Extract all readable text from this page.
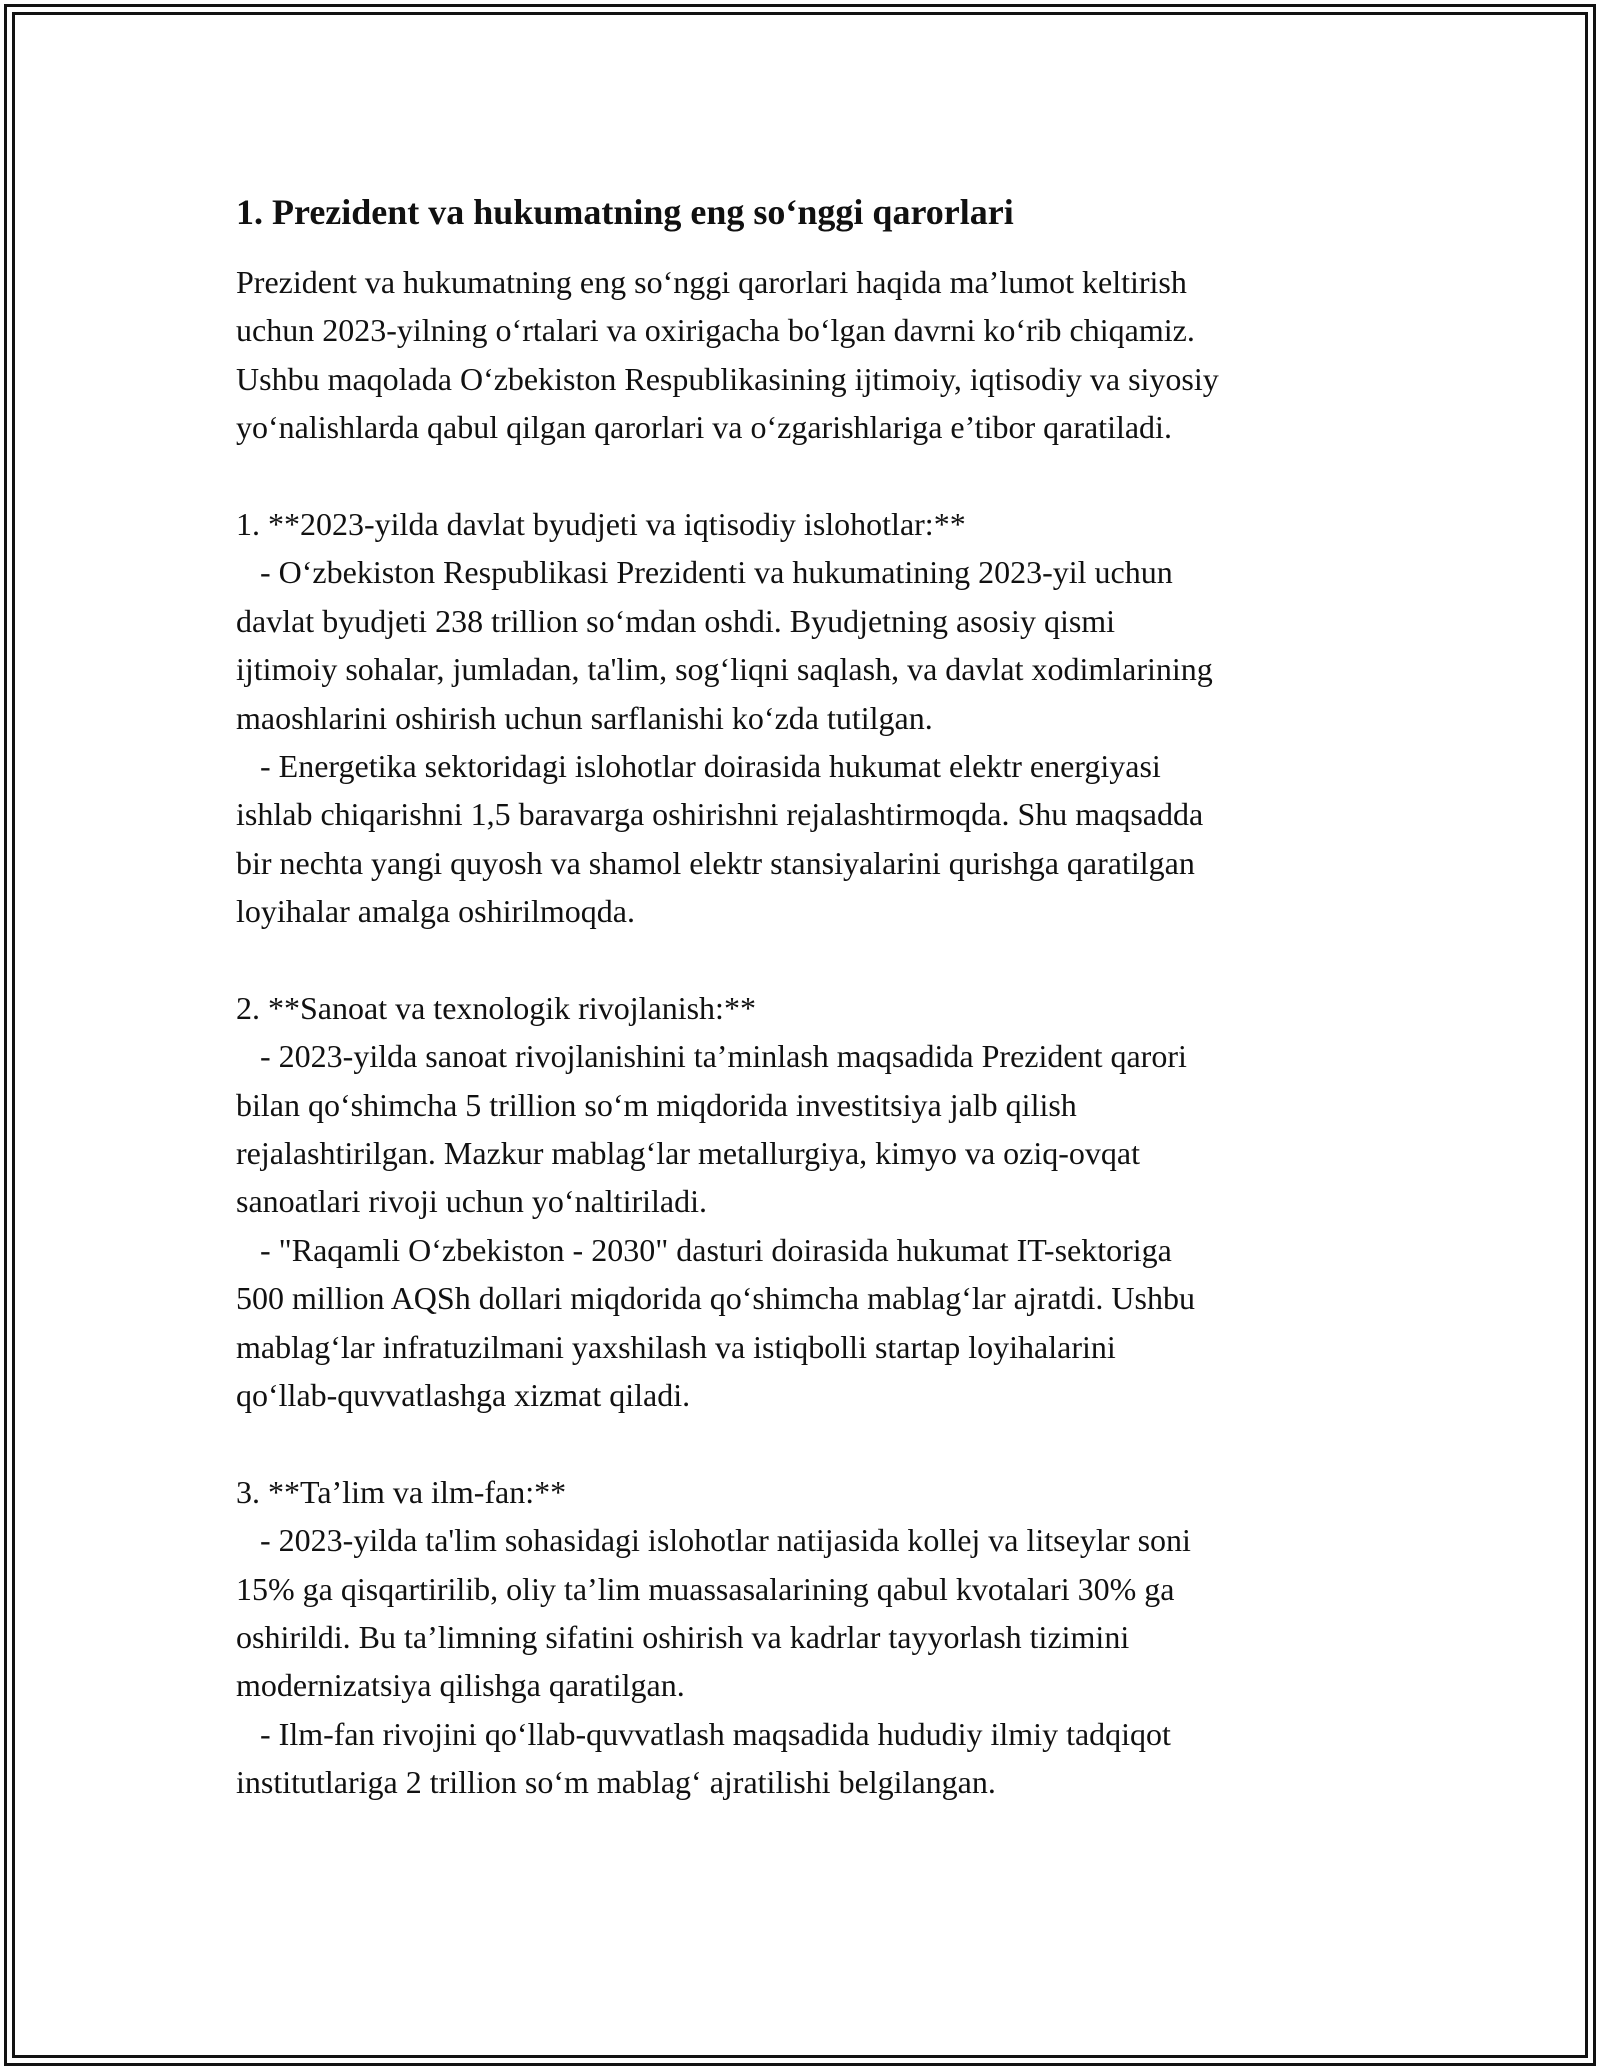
1. Prezident va hukumatning eng so‘nggi qarorlari
Prezident va hukumatning eng so‘nggi qarorlari haqida ma’lumot keltirish
uchun 2023-yilning o‘rtalari va oxirigacha bo‘lgan davrni ko‘rib chiqamiz.
Ushbu maqolada O‘zbekiston Respublikasining ijtimoiy, iqtisodiy va siyosiy
yo‘nalishlarda qabul qilgan qarorlari va o‘zgarishlariga e’tibor qaratiladi.
1. **2023-yilda davlat byudjeti va iqtisodiy islohotlar:**
- O‘zbekiston Respublikasi Prezidenti va hukumatining 2023-yil uchun
davlat byudjeti 238 trillion so‘mdan oshdi. Byudjetning asosiy qismi
ijtimoiy sohalar, jumladan, ta'lim, sog‘liqni saqlash, va davlat xodimlarining
maoshlarini oshirish uchun sarflanishi ko‘zda tutilgan.
- Energetika sektoridagi islohotlar doirasida hukumat elektr energiyasi
ishlab chiqarishni 1,5 baravarga oshirishni rejalashtirmoqda. Shu maqsadda
bir nechta yangi quyosh va shamol elektr stansiyalarini qurishga qaratilgan
loyihalar amalga oshirilmoqda.
2. **Sanoat va texnologik rivojlanish:**
- 2023-yilda sanoat rivojlanishini ta’minlash maqsadida Prezident qarori
bilan qo‘shimcha 5 trillion so‘m miqdorida investitsiya jalb qilish
rejalashtirilgan. Mazkur mablag‘lar metallurgiya, kimyo va oziq-ovqat
sanoatlari rivoji uchun yo‘naltiriladi.
- "Raqamli O‘zbekiston - 2030" dasturi doirasida hukumat IT-sektoriga
500 million AQSh dollari miqdorida qo‘shimcha mablag‘lar ajratdi. Ushbu
mablag‘lar infratuzilmani yaxshilash va istiqbolli startap loyihalarini
qo‘llab-quvvatlashga xizmat qiladi.
3. **Ta’lim va ilm-fan:**
- 2023-yilda ta'lim sohasidagi islohotlar natijasida kollej va litseylar soni
15% ga qisqartirilib, oliy ta’lim muassasalarining qabul kvotalari 30% ga
oshirildi. Bu ta’limning sifatini oshirish va kadrlar tayyorlash tizimini
modernizatsiya qilishga qaratilgan.
- Ilm-fan rivojini qo‘llab-quvvatlash maqsadida hududiy ilmiy tadqiqot
institutlariga 2 trillion so‘m mablag‘ ajratilishi belgilangan.
